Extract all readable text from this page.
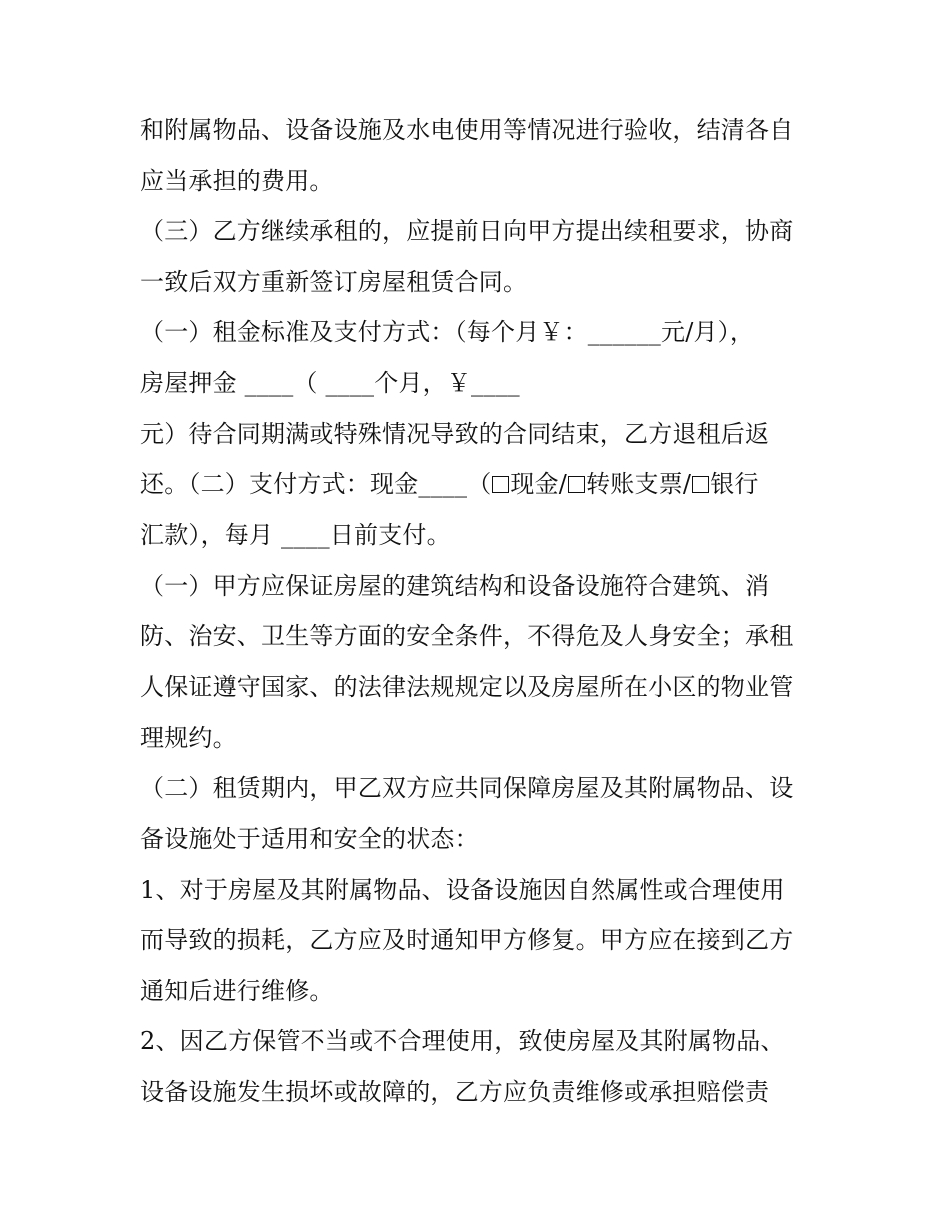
和附属物品、设备设施及水电使用等情况进行验收，结清各自
应当承担的费用。
（三）乙方继续承租的，应提前日向甲方提出续租要求，协商
一致后双方重新签订房屋租赁合同。
（一）租金标准及支付方式：（每个月￥：______元/月），
房屋押金 ____（ ____个月，￥____
元）待合同期满或特殊情况导致的合同结束，乙方退租后返
还。（二）支付方式：现金____（ 现金/ 转账支票/ 银行
汇款），每月 ____日前支付。
（一）甲方应保证房屋的建筑结构和设备设施符合建筑、消
防、治安、卫生等方面的安全条件，不得危及人身安全；承租
人保证遵守国家、的法律法规规定以及房屋所在小区的物业管
理规约。
（二）租赁期内，甲乙双方应共同保障房屋及其附属物品、设
备设施处于适用和安全的状态：
1、对于房屋及其附属物品、设备设施因自然属性或合理使用
而导致的损耗，乙方应及时通知甲方修复。甲方应在接到乙方
通知后进行维修。
2、因乙方保管不当或不合理使用，致使房屋及其附属物品、
设备设施发生损坏或故障的，乙方应负责维修或承担赔偿责
